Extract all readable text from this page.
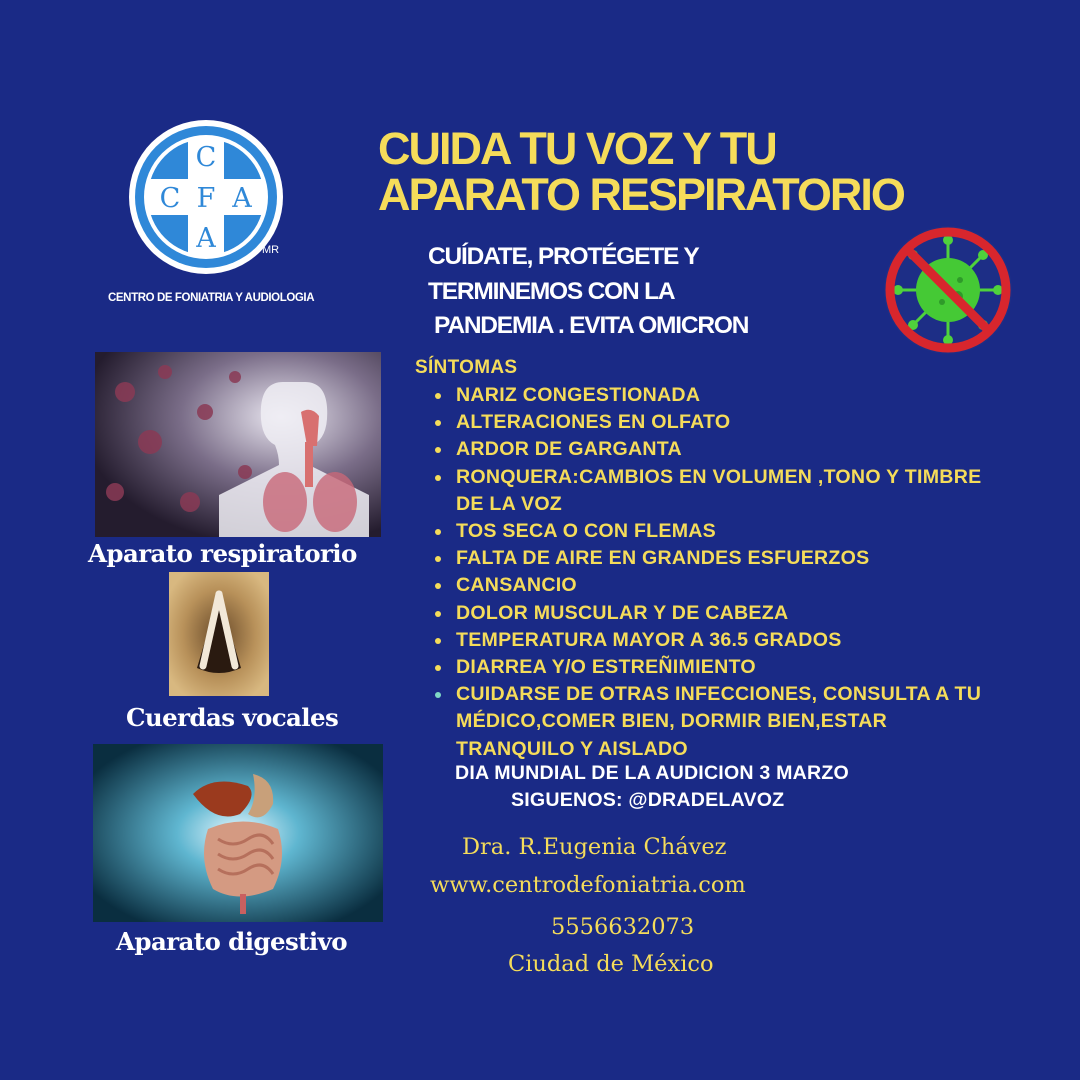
C
C F A
A	MR
CENTRO DE FONIATRIA Y AUDIOLOGIA
CUIDA TU VOZ Y TU
APARATO RESPIRATORIO
CUÍDATE, PROTÉGETE Y
TERMINEMOS CON LA
PANDEMIA . EVITA OMICRON
Aparato respiratorio
Cuerdas vocales
Aparato digestivo
SÍNTOMAS
NARIZ CONGESTIONADA
ALTERACIONES EN OLFATO
ARDOR DE GARGANTA
RONQUERA:CAMBIOS EN VOLUMEN ,TONO Y TIMBRE DE LA VOZ
TOS SECA O CON FLEMAS
FALTA DE AIRE EN GRANDES ESFUERZOS
CANSANCIO
DOLOR MUSCULAR Y DE CABEZA
TEMPERATURA MAYOR A 36.5 GRADOS
DIARREA Y/O ESTREÑIMIENTO
CUIDARSE DE OTRAS INFECCIONES, CONSULTA A TU MÉDICO,COMER BIEN, DORMIR BIEN,ESTAR TRANQUILO Y AISLADO
DIA MUNDIAL DE LA AUDICION 3 MARZO
SIGUENOS: @DRADELAVOZ
Dra. R.Eugenia Chávez
www.centrodefoniatria.com
5556632073
Ciudad de México
